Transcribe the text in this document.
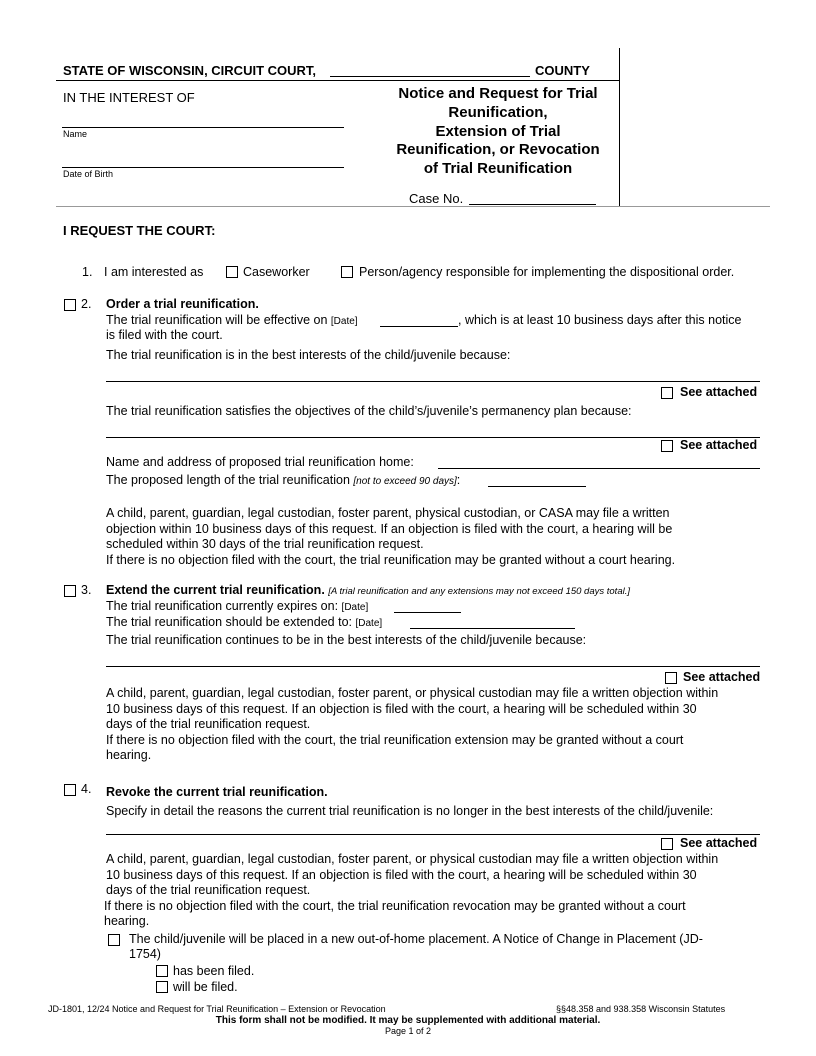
STATE OF WISCONSIN, CIRCUIT COURT,	COUNTY
IN THE INTEREST OF
Name
Date of Birth
Notice and Request for Trial
Reunification,
Extension of Trial
Reunification, or Revocation
of Trial Reunification
Case No.
I REQUEST THE COURT:
1. I am interested as	Caseworker	Person/agency responsible for implementing the dispositional order.
2. Order a trial reunification.
The trial reunification will be effective on [Date]	, which is at least 10 business days after this notice
is filed with the court.
The trial reunification is in the best interests of the child/juvenile because:
See attached
The trial reunification satisfies the objectives of the child’s/juvenile’s permanency plan because:
See attached
Name and address of proposed trial reunification home:
The proposed length of the trial reunification [not to exceed 90 days]:
A child, parent, guardian, legal custodian, foster parent, physical custodian, or CASA may file a written
objection within 10 business days of this request. If an objection is filed with the court, a hearing will be
scheduled within 30 days of the trial reunification request.
If there is no objection filed with the court, the trial reunification may be granted without a court hearing.
3. Extend the current trial reunification. [A trial reunification and any extensions may not exceed 150 days total.]
The trial reunification currently expires on: [Date]
The trial reunification should be extended to: [Date]
The trial reunification continues to be in the best interests of the child/juvenile because:
See attached
A child, parent, guardian, legal custodian, foster parent, or physical custodian may file a written objection within
10 business days of this request. If an objection is filed with the court, a hearing will be scheduled within 30
days of the trial reunification request.
If there is no objection filed with the court, the trial reunification extension may be granted without a court
hearing.
4. Revoke the current trial reunification.
Specify in detail the reasons the current trial reunification is no longer in the best interests of the child/juvenile:
See attached
A child, parent, guardian, legal custodian, foster parent, or physical custodian may file a written objection within
10 business days of this request. If an objection is filed with the court, a hearing will be scheduled within 30
days of the trial reunification request.
If there is no objection filed with the court, the trial reunification revocation may be granted without a court
hearing.
The child/juvenile will be placed in a new out-of-home placement. A Notice of Change in Placement (JD-
1754)
has been filed.
will be filed.
JD-1801, 12/24 Notice and Request for Trial Reunification – Extension or Revocation	§§48.358 and 938.358 Wisconsin Statutes
This form shall not be modified. It may be supplemented with additional material.
Page 1 of 2
